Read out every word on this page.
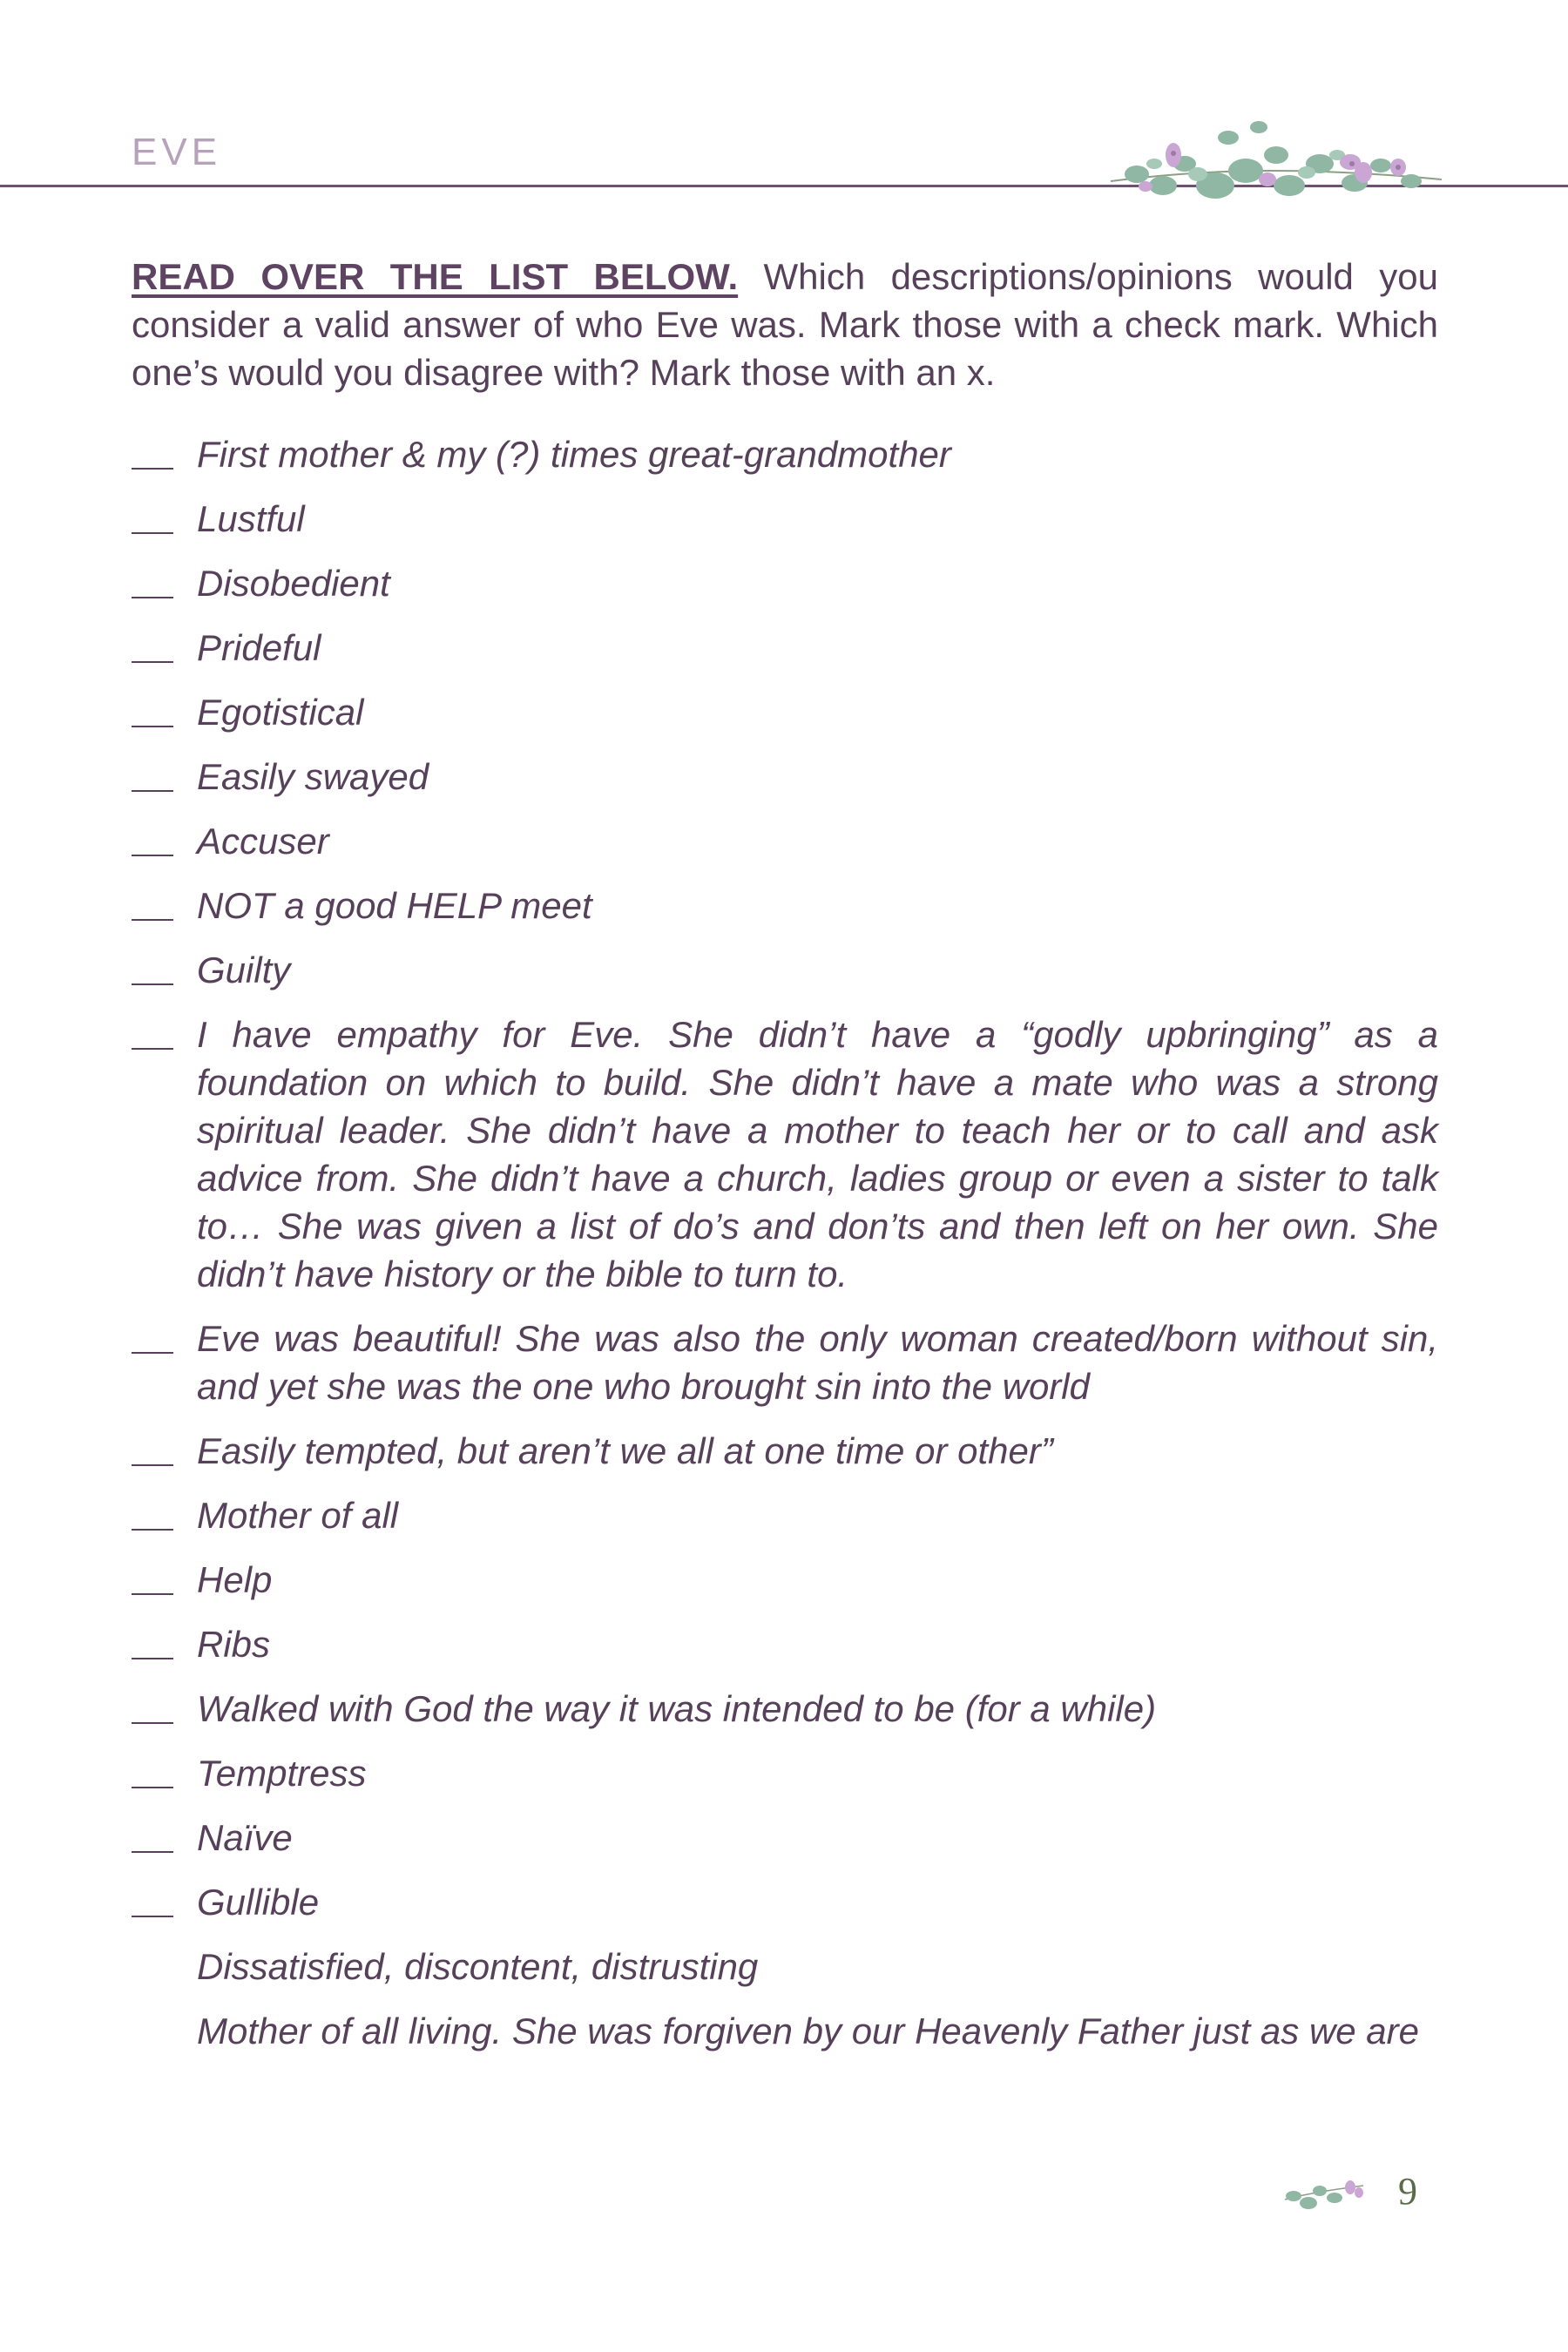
EVE
READ OVER THE LIST BELOW. Which descriptions/opinions would you consider a valid answer of who Eve was. Mark those with a check mark. Which one’s would you disagree with? Mark those with an x.
First mother & my (?) times great-grandmother
Lustful
Disobedient
Prideful
Egotistical
Easily swayed
Accuser
NOT a good HELP meet
Guilty
I have empathy for Eve. She didn’t have a “godly upbringing” as a foundation on which to build. She didn’t have a mate who was a strong spiritual leader. She didn’t have a mother to teach her or to call and ask advice from. She didn’t have a church, ladies group or even a sister to talk to… She was given a list of do’s and don’ts and then left on her own. She didn’t have history or the bible to turn to.
Eve was beautiful! She was also the only woman created/born without sin, and yet she was the one who brought sin into the world
Easily tempted, but aren’t we all at one time or other”
Mother of all
Help
Ribs
Walked with God the way it was intended to be (for a while)
Temptress
Naïve
Gullible
Dissatisfied, discontent, distrusting
Mother of all living. She was forgiven by our Heavenly Father just as we are
9
